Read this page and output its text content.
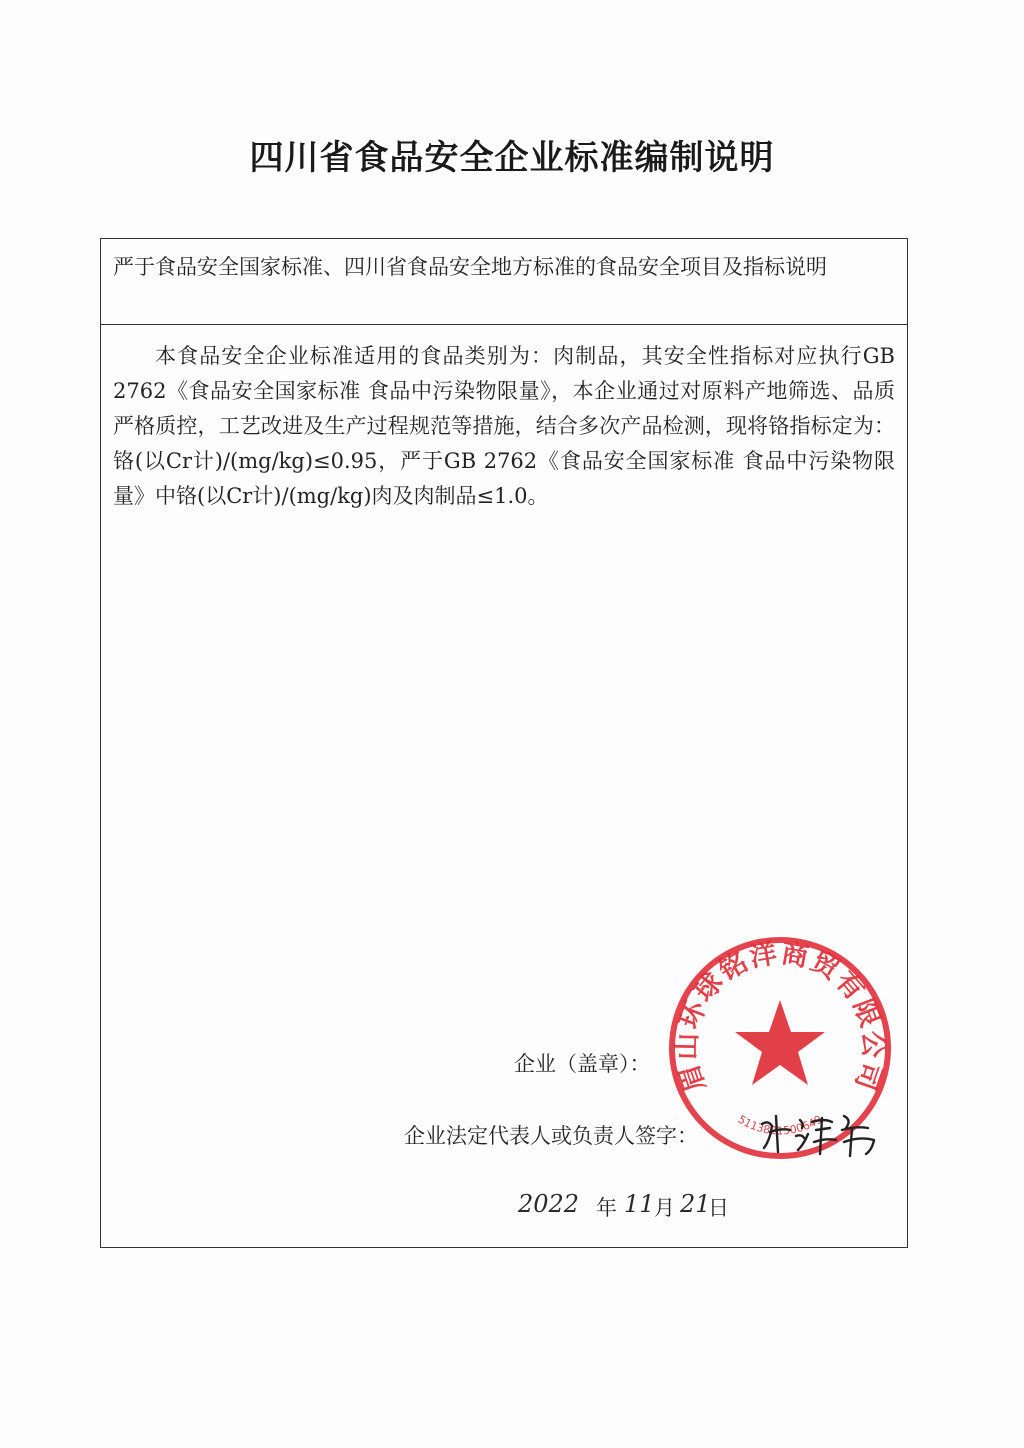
四川省食品安全企业标准编制说明
严于食品安全国家标准、四川省食品安全地方标准的食品安全项目及指标说明
本食品安全企业标准适用的食品类别为：肉制品，其安全性指标对应执行GB 2762《食品安全国家标准 食品中污染物限量》，本企业通过对原料产地筛选、品质严格质控，工艺改进及生产过程规范等措施，结合多次产品检测，现将铬指标定为：铬(以Cr计)/(mg/kg)≤0.95，严于GB 2762《食品安全国家标准 食品中污染物限量》中铬(以Cr计)/(mg/kg)肉及肉制品≤1.0。
眉山环球铭洋商贸有限公司
5113821500649
企业（盖章）：
企业法定代表人或负责人签字：
2022 年 11 月 21
日
